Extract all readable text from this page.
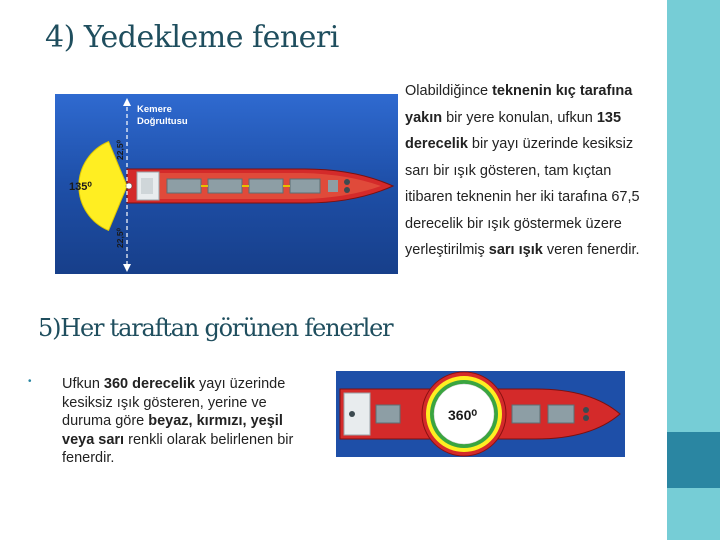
4) Yedekleme feneri
Kemere
Doğrultusu
135⁰
22,5⁰
22,5⁰

Olabildiğince teknenin kıç tarafına yakın bir yere konulan, ufkun 135 derecelik bir yayı üzerinde kesiksiz sarı bir ışık gösteren, tam kıçtan itibaren teknenin her iki tarafına 67,5 derecelik bir ışık göstermek üzere yerleştirilmiş sarı ışık veren fenerdir.

5)Her taraftan görünen fenerler
• Ufkun 360 derecelik yayı üzerinde kesiksiz ışık gösteren, yerine ve duruma göre beyaz, kırmızı, yeşil veya sarı renkli olarak belirlenen bir fenerdir.

360⁰
